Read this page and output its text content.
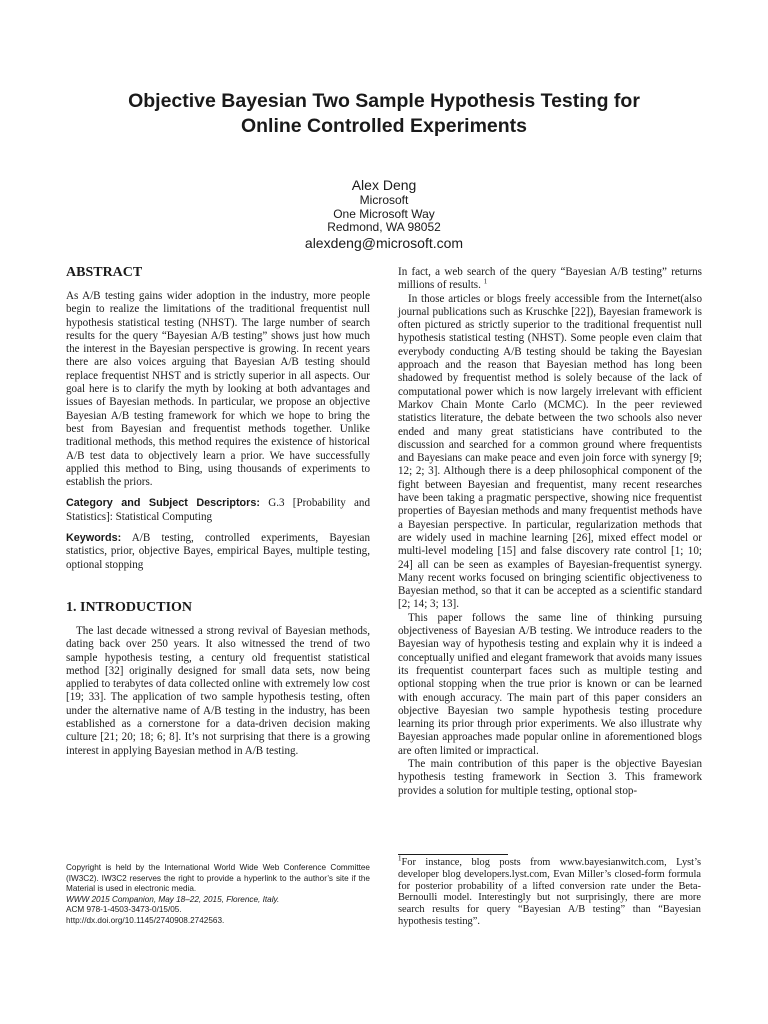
Objective Bayesian Two Sample Hypothesis Testing for
Online Controlled Experiments
Alex Deng
Microsoft
One Microsoft Way
Redmond, WA 98052
alexdeng@microsoft.com
ABSTRACT

As A/B testing gains wider adoption in the industry, more people begin to realize the limitations of the traditional frequentist null hypothesis statistical testing (NHST). The large number of search results for the query “Bayesian A/B testing” shows just how much the interest in the Bayesian perspective is growing. In recent years there are also voices arguing that Bayesian A/B testing should replace frequentist NHST and is strictly superior in all aspects. Our goal here is to clarify the myth by looking at both advantages and issues of Bayesian methods. In particular, we propose an objective Bayesian A/B testing framework for which we hope to bring the best from Bayesian and frequentist methods together. Unlike traditional methods, this method requires the existence of historical A/B test data to objectively learn a prior. We have successfully applied this method to Bing, using thousands of experiments to establish the priors.

Category and Subject Descriptors: G.3 [Probability and Statistics]: Statistical Computing

Keywords: A/B testing, controlled experiments, Bayesian statistics, prior, objective Bayes, empirical Bayes, multiple testing, optional stopping

1. INTRODUCTION

The last decade witnessed a strong revival of Bayesian methods, dating back over 250 years. It also witnessed the trend of two sample hypothesis testing, a century old frequentist statistical method [32] originally designed for small data sets, now being applied to terabytes of data collected online with extremely low cost [19; 33]. The application of two sample hypothesis testing, often under the alternative name of A/B testing in the industry, has been established as a cornerstone for a data-driven decision making culture [21; 20; 18; 6; 8]. It’s not surprising that there is a growing interest in applying Bayesian method in A/B testing.

In fact, a web search of the query “Bayesian A/B testing” returns millions of results. $^1$

In those articles or blogs freely accessible from the Internet(also journal publications such as Kruschke [22]), Bayesian framework is often pictured as strictly superior to the traditional frequentist null hypothesis statistical testing (NHST). Some people even claim that everybody conducting A/B testing should be taking the Bayesian approach and the reason that Bayesian method has long been shadowed by frequentist method is solely because of the lack of computational power which is now largely irrelevant with efficient Markov Chain Monte Carlo (MCMC). In the peer reviewed statistics literature, the debate between the two schools also never ended and many great statisticians have contributed to the discussion and searched for a common ground where frequentists and Bayesians can make peace and even join force with synergy [9; 12; 2; 3]. Although there is a deep philosophical component of the fight between Bayesian and frequentist, many recent researches have been taking a pragmatic perspective, showing nice frequentist properties of Bayesian methods and many frequentist methods have a Bayesian perspective. In particular, regularization methods that are widely used in machine learning [26], mixed effect model or multi-level modeling [15] and false discovery rate control [1; 10; 24] all can be seen as examples of Bayesian-frequentist synergy. Many recent works focused on bringing scientific objectiveness to Bayesian method, so that it can be accepted as a scientific standard [2; 14; 3; 13].

This paper follows the same line of thinking pursuing objectiveness of Bayesian A/B testing. We introduce readers to the Bayesian way of hypothesis testing and explain why it is indeed a conceptually unified and elegant framework that avoids many issues its frequentist counterpart faces such as multiple testing and optional stopping when the true prior is known or can be learned with enough accuracy. The main part of this paper considers an objective Bayesian two sample hypothesis testing procedure learning its prior through prior experiments. We also illustrate why Bayesian approaches made popular online in aforementioned blogs are often limited or impractical.

The main contribution of this paper is the objective Bayesian hypothesis testing framework in Section 3. This framework provides a solution for multiple testing, optional stop-

Copyright is held by the International World Wide Web Conference Committee (IW3C2). IW3C2 reserves the right to provide a hyperlink to the author’s site if the Material is used in electronic media.
WWW 2015 Companion, May 18–22, 2015, Florence, Italy.
ACM 978-1-4503-3473-0/15/05.
http://dx.doi.org/10.1145/2740908.2742563.
$^1$For instance, blog posts from www.bayesianwitch.com, Lyst’s developer blog developers.lyst.com, Evan Miller’s closed-form formula for posterior probability of a lifted conversion rate under the Beta-Bernoulli model. Interestingly but not surprisingly, there are more search results for query “Bayesian A/B testing” than “Bayesian hypothesis testing”.
